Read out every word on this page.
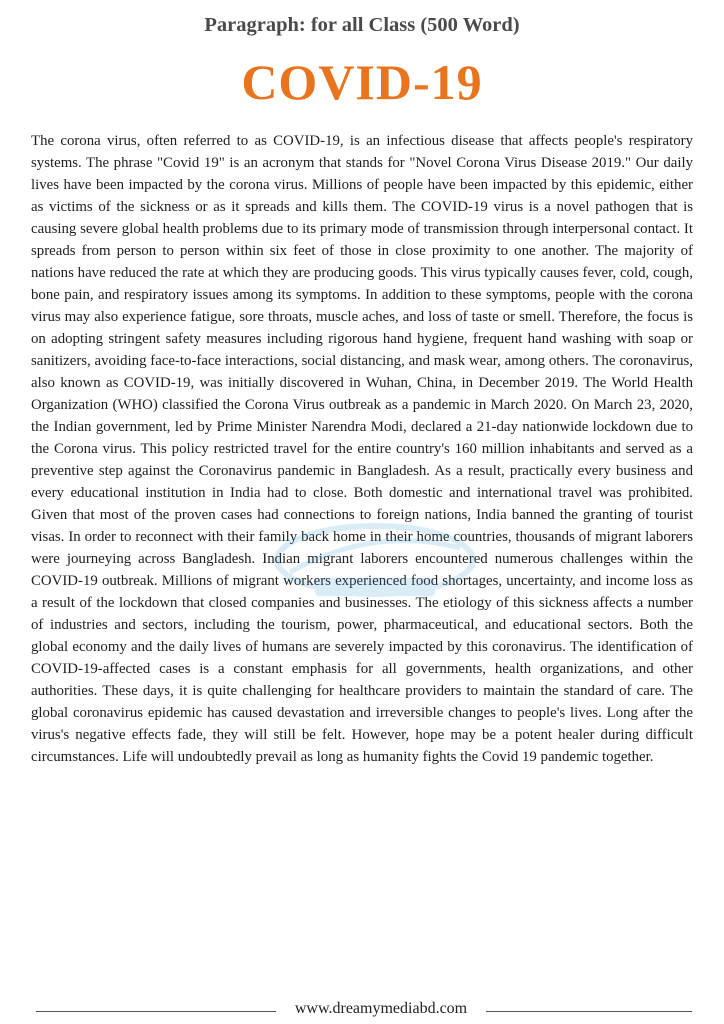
Paragraph: for all Class (500 Word)
COVID-19

The corona virus, often referred to as COVID-19, is an infectious disease that affects people's respiratory systems. The phrase "Covid 19" is an acronym that stands for "Novel Corona Virus Disease 2019." Our daily lives have been impacted by the corona virus. Millions of people have been impacted by this epidemic, either as victims of the sickness or as it spreads and kills them. The COVID-19 virus is a novel pathogen that is causing severe global health problems due to its primary mode of transmission through interpersonal contact. It spreads from person to person within six feet of those in close proximity to one another. The majority of nations have reduced the rate at which they are producing goods. This virus typically causes fever, cold, cough, bone pain, and respiratory issues among its symptoms. In addition to these symptoms, people with the corona virus may also experience fatigue, sore throats, muscle aches, and loss of taste or smell. Therefore, the focus is on adopting stringent safety measures including rigorous hand hygiene, frequent hand washing with soap or sanitizers, avoiding face-to-face interactions, social distancing, and mask wear, among others. The coronavirus, also known as COVID-19, was initially discovered in Wuhan, China, in December 2019. The World Health Organization (WHO) classified the Corona Virus outbreak as a pandemic in March 2020. On March 23, 2020, the Indian government, led by Prime Minister Narendra Modi, declared a 21-day nationwide lockdown due to the Corona virus. This policy restricted travel for the entire country's 160 million inhabitants and served as a preventive step against the Coronavirus pandemic in Bangladesh. As a result, practically every business and every educational institution in India had to close. Both domestic and international travel was prohibited. Given that most of the proven cases had connections to foreign nations, India banned the granting of tourist visas. In order to reconnect with their family back home in their home countries, thousands of migrant laborers were journeying across Bangladesh. Indian migrant laborers encountered numerous challenges within the COVID-19 outbreak. Millions of migrant workers experienced food shortages, uncertainty, and income loss as a result of the lockdown that closed companies and businesses. The etiology of this sickness affects a number of industries and sectors, including the tourism, power, pharmaceutical, and educational sectors. Both the global economy and the daily lives of humans are severely impacted by this coronavirus. The identification of COVID-19-affected cases is a constant emphasis for all governments, health organizations, and other authorities. These days, it is quite challenging for healthcare providers to maintain the standard of care. The global coronavirus epidemic has caused devastation and irreversible changes to people's lives. Long after the virus's negative effects fade, they will still be felt. However, hope may be a potent healer during difficult circumstances. Life will undoubtedly prevail as long as humanity fights the Covid 19 pandemic together.

www.dreamymediabd.com
